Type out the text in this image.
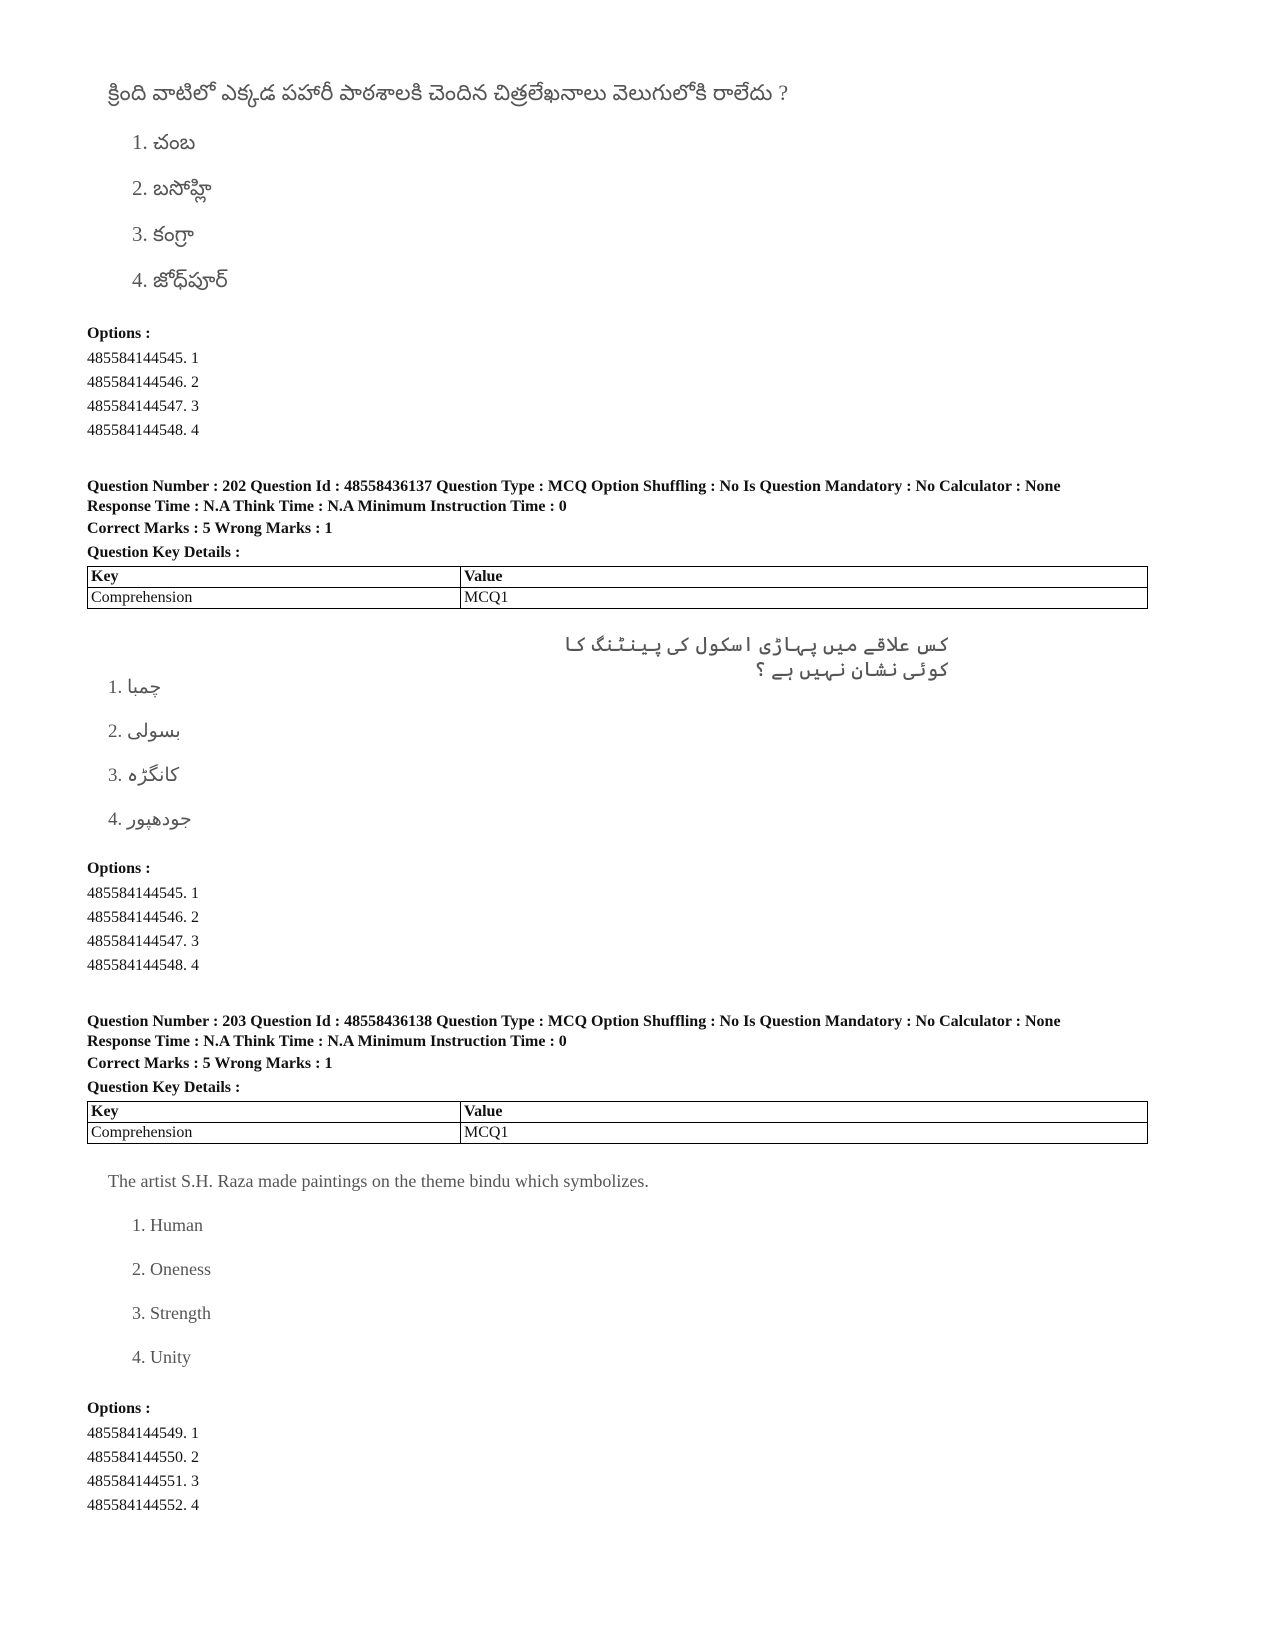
క్రింది వాటిలో ఎక్కడ పహారీ పాఠశాలకి చెందిన చిత్రలేఖనాలు వెలుగులోకి రాలేదు ?
1. చంబ
2. బసోహ్లి
3. కంగ్రా
4. జోధ్‌పూర్
Options :
485584144545. 1
485584144546. 2
485584144547. 3
485584144548. 4
Question Number : 202 Question Id : 48558436137 Question Type : MCQ Option Shuffling : No Is Question Mandatory : No Calculator : None
Response Time : N.A Think Time : N.A Minimum Instruction Time : 0
Correct Marks : 5 Wrong Marks : 1
Question Key Details :
Key	Value
Comprehension	MCQ1
کس علاقے میں پہاڑی اسکول کی پینٹنگ کا کوئی نشان نہیں ہے ؟
1. چمبا
2. بسولی
3. کانگڑہ
4. جودھپور
Options :
485584144545. 1
485584144546. 2
485584144547. 3
485584144548. 4
Question Number : 203 Question Id : 48558436138 Question Type : MCQ Option Shuffling : No Is Question Mandatory : No Calculator : None
Response Time : N.A Think Time : N.A Minimum Instruction Time : 0
Correct Marks : 5 Wrong Marks : 1
Question Key Details :
Key	Value
Comprehension	MCQ1
The artist S.H. Raza made paintings on the theme bindu which symbolizes.
1. Human
2. Oneness
3. Strength
4. Unity
Options :
485584144549. 1
485584144550. 2
485584144551. 3
485584144552. 4
